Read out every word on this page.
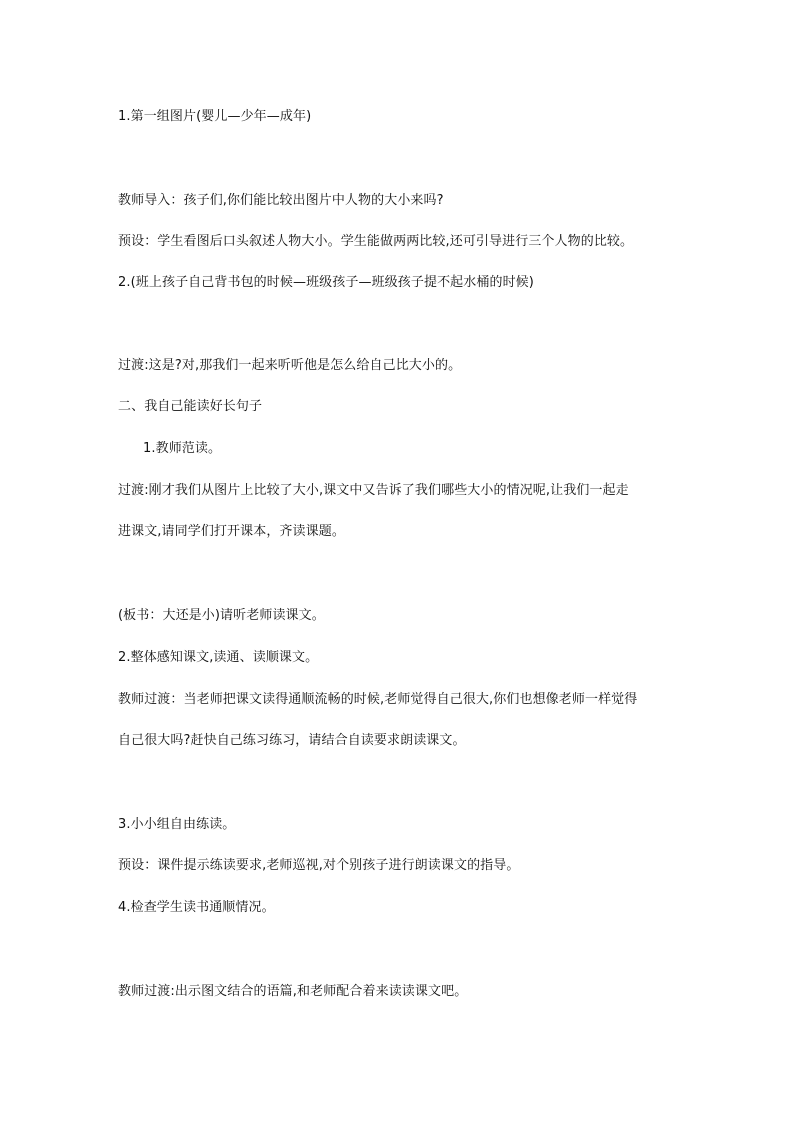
1.第一组图片(婴儿—少年—成年)
教师导入：孩子们,你们能比较出图片中人物的大小来吗?
预设：学生看图后口头叙述人物大小。学生能做两两比较,还可引导进行三个人物的比较。
2.(班上孩子自己背书包的时候—班级孩子—班级孩子提不起水桶的时候)
过渡:这是?对,那我们一起来听听他是怎么给自己比大小的。
二、我自己能读好长句子
1.教师范读。
过渡:刚才我们从图片上比较了大小,课文中又告诉了我们哪些大小的情况呢,让我们一起走
进课文,请同学们打开课本，齐读课题。
(板书：大还是小)请听老师读课文。
2.整体感知课文,读通、读顺课文。
教师过渡：当老师把课文读得通顺流畅的时候,老师觉得自己很大,你们也想像老师一样觉得
自己很大吗?赶快自己练习练习，请结合自读要求朗读课文。
3.小小组自由练读。
预设：课件提示练读要求,老师巡视,对个别孩子进行朗读课文的指导。
4.检查学生读书通顺情况。
教师过渡:出示图文结合的语篇,和老师配合着来读读课文吧。
